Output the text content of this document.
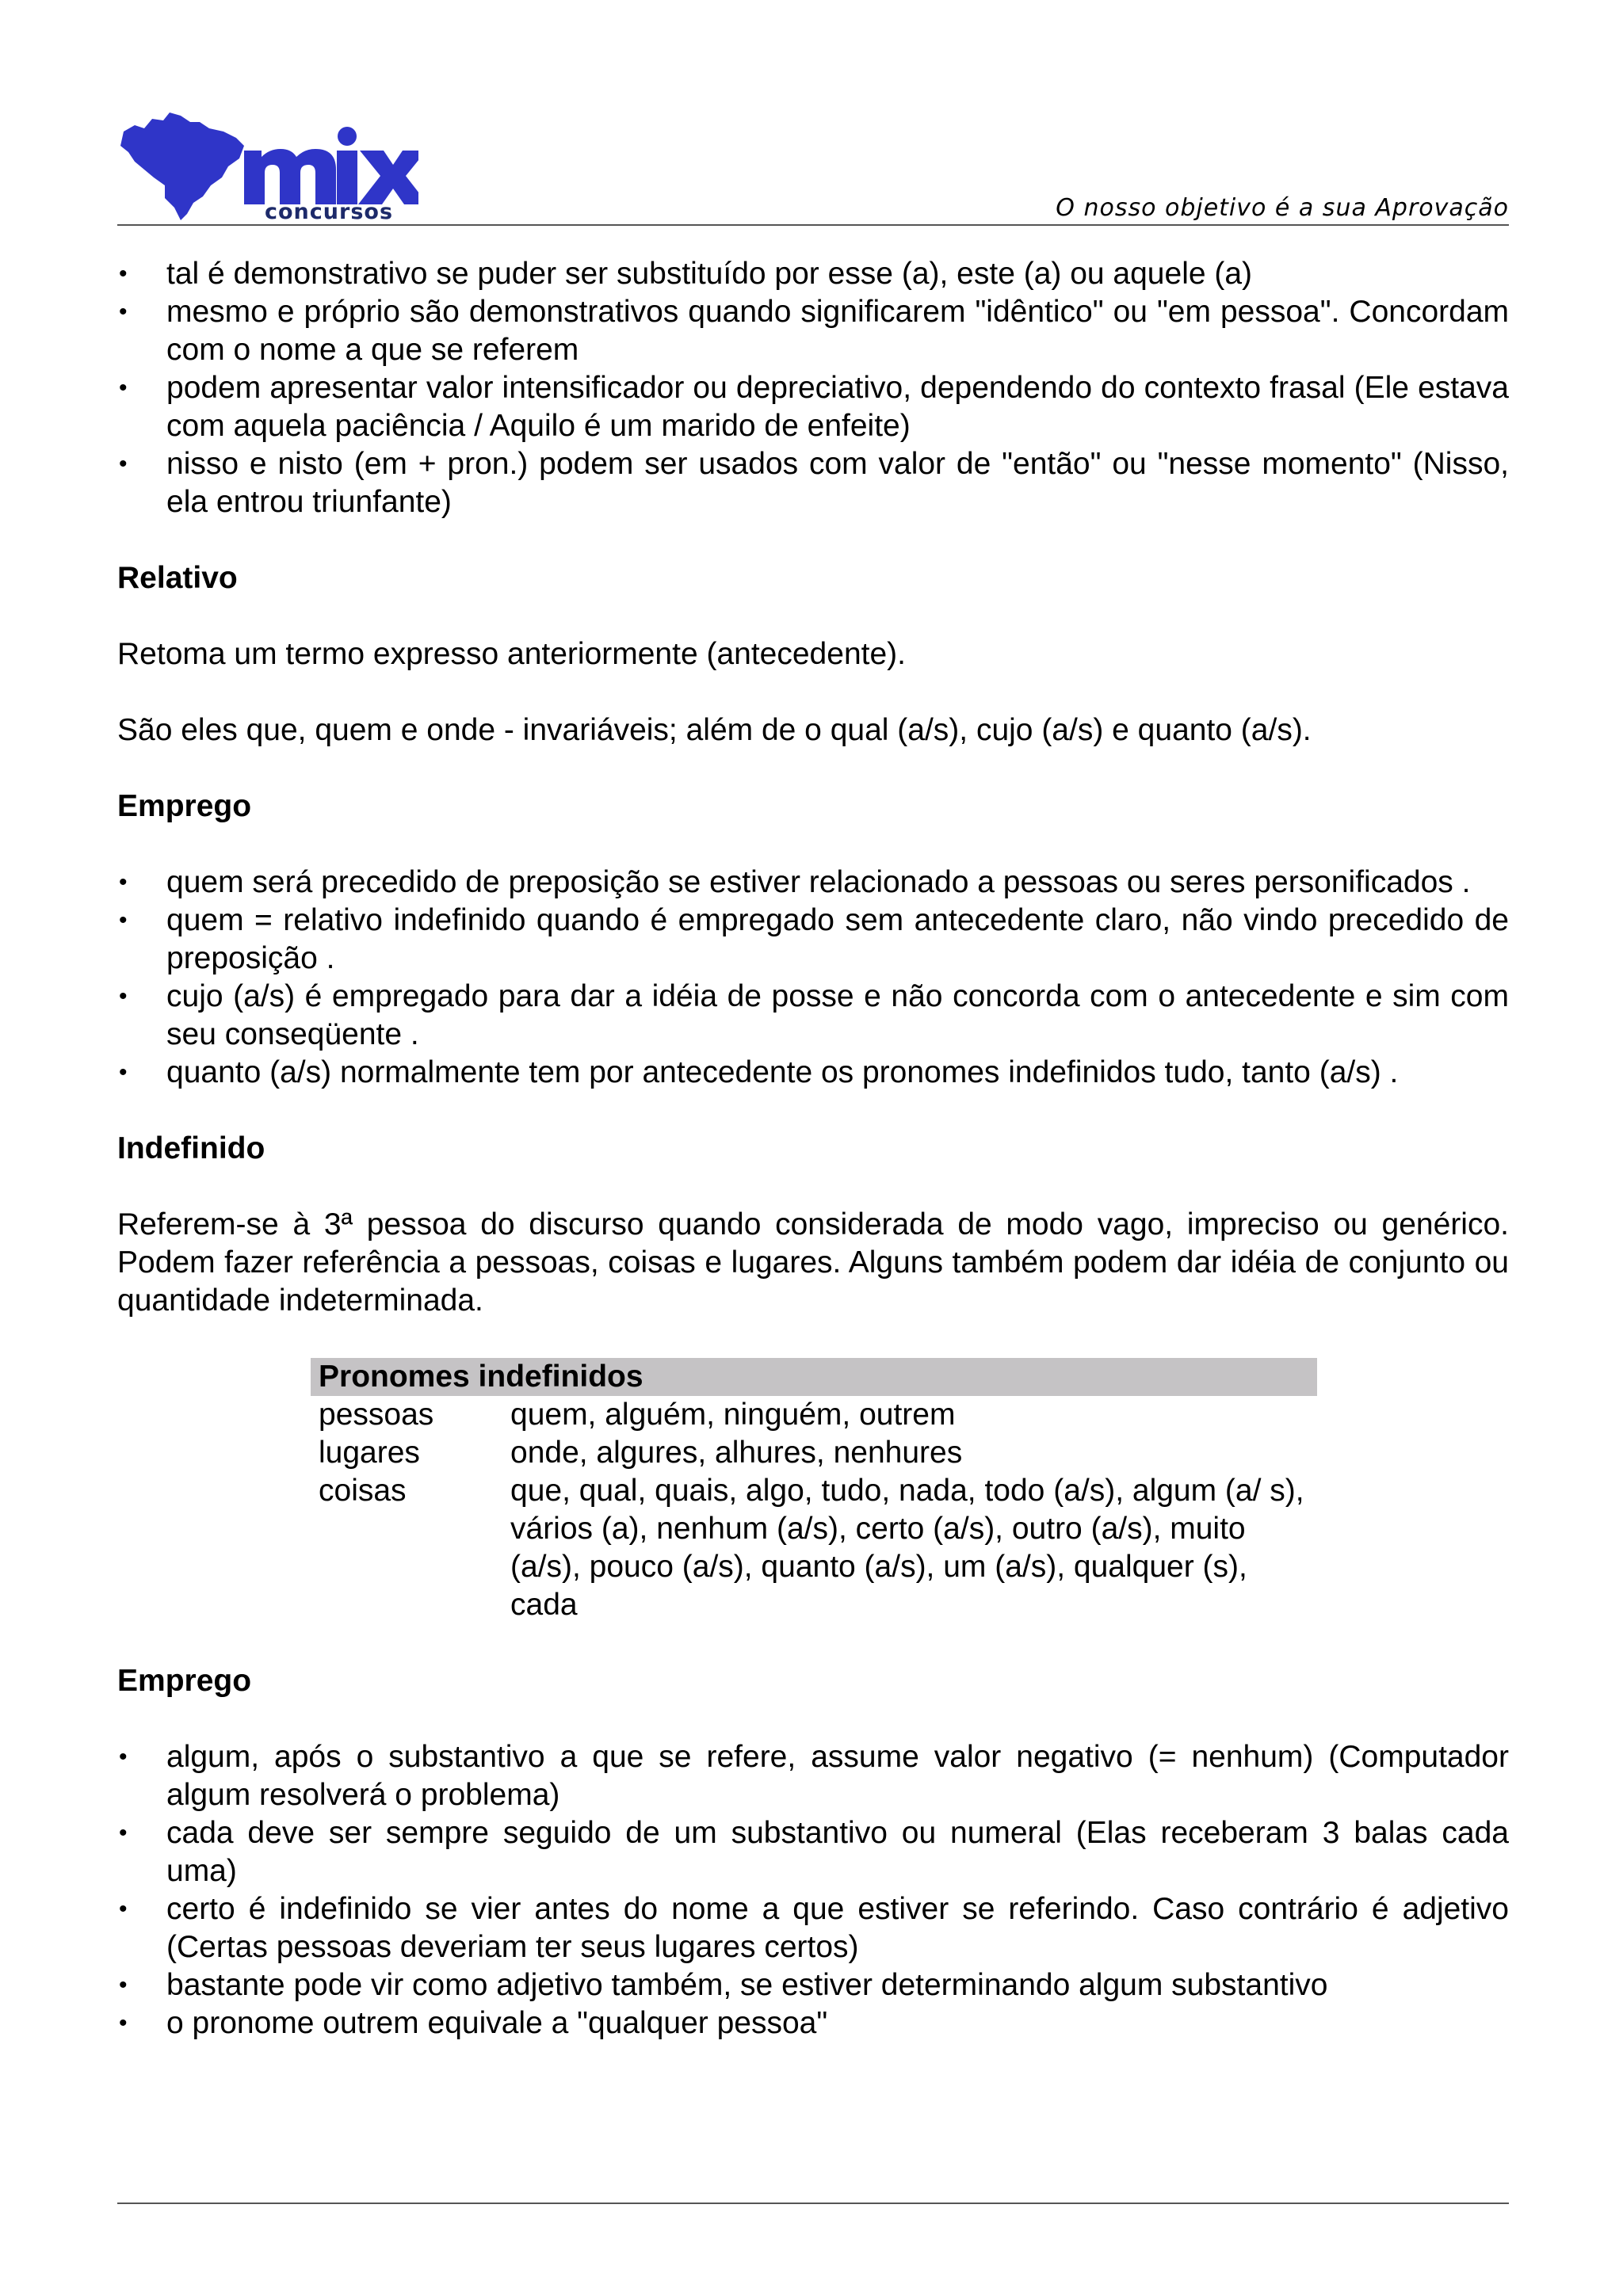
concursos	O nosso objetivo é a sua Aprovação
• tal é demonstrativo se puder ser substituído por esse (a), este (a) ou aquele (a)
• mesmo e próprio são demonstrativos quando significarem "idêntico" ou "em pessoa". Concordam com o nome a que se referem
• podem apresentar valor intensificador ou depreciativo, dependendo do contexto frasal (Ele estava com aquela paciência / Aquilo é um marido de enfeite)
• nisso e nisto (em + pron.) podem ser usados com valor de "então" ou "nesse momento" (Nisso, ela entrou triunfante)

Relativo

Retoma um termo expresso anteriormente (antecedente).

São eles que, quem e onde - invariáveis; além de o qual (a/s), cujo (a/s) e quanto (a/s).

Emprego

• quem será precedido de preposição se estiver relacionado a pessoas ou seres personificados .
• quem = relativo indefinido quando é empregado sem antecedente claro, não vindo precedido de preposição .
• cujo (a/s) é empregado para dar a idéia de posse e não concorda com o antecedente e sim com seu conseqüente .
• quanto (a/s) normalmente tem por antecedente os pronomes indefinidos tudo, tanto (a/s) .

Indefinido

Referem-se à 3ª pessoa do discurso quando considerada de modo vago, impreciso ou genérico. Podem fazer referência a pessoas, coisas e lugares. Alguns também podem dar idéia de conjunto ou quantidade indeterminada.

Pronomes indefinidos
pessoas	quem, alguém, ninguém, outrem
lugares	onde, algures, alhures, nenhures
coisas	que, qual, quais, algo, tudo, nada, todo (a/s), algum (a/ s), vários (a), nenhum (a/s), certo (a/s), outro (a/s), muito (a/s), pouco (a/s), quanto (a/s), um (a/s), qualquer (s), cada

Emprego

• algum, após o substantivo a que se refere, assume valor negativo (= nenhum) (Computador algum resolverá o problema)
• cada deve ser sempre seguido de um substantivo ou numeral (Elas receberam 3 balas cada uma)
• certo é indefinido se vier antes do nome a que estiver se referindo. Caso contrário é adjetivo (Certas pessoas deveriam ter seus lugares certos)
• bastante pode vir como adjetivo também, se estiver determinando algum substantivo
• o pronome outrem equivale a "qualquer pessoa"
